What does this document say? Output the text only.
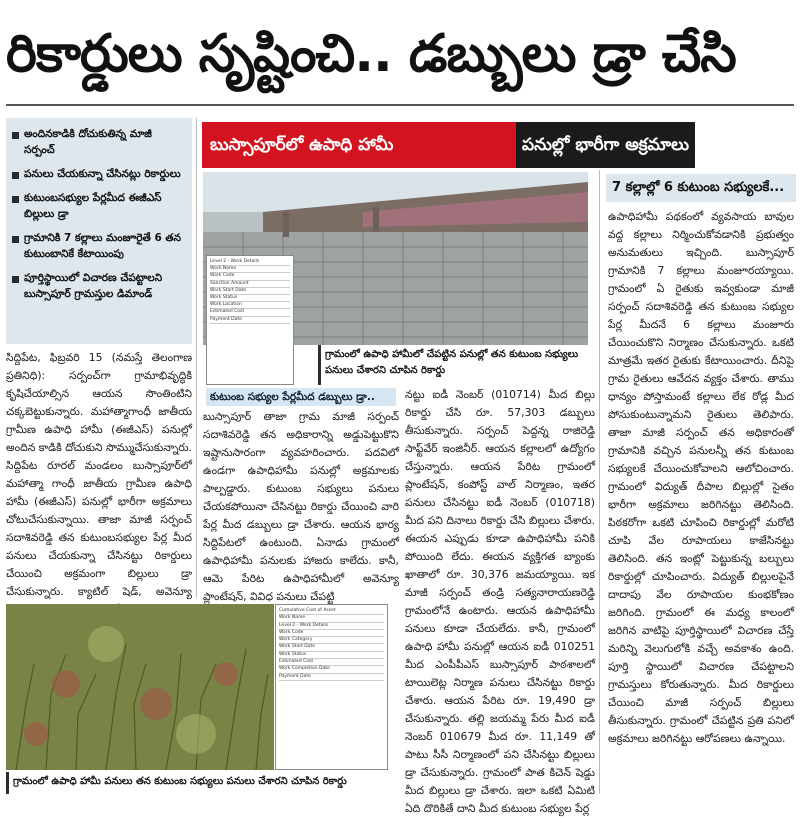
రికార్డులు సృష్టించి.. డబ్బులు డ్రా చేసి
అందినకాడికి దోచుకుతిన్న మాజీ సర్పంచ్
పనులు చేయకున్నా చేసినట్లు రికార్డులు
కుటుంబసభ్యుల పేర్లమీద ఈజీఎస్ బిల్లులు డ్రా
గ్రామానికి 7 కల్లాలు మంజూరైతే 6 తన కుటుంబానికే కేటాయింపు
పూర్తిస్థాయిలో విచారణ చేపట్టాలని బుస్సాపూర్ గ్రామస్తుల డిమాండ్
బుస్సాపూర్‌లో ఉపాధి హామీ	పనుల్లో భారీగా అక్రమాలు
సిద్దిపేట, ఫిబ్రవరి 15 (నమస్తే తెలంగాణ ప్రతినిధి): సర్పంచ్‌గా గ్రామాభివృద్ధికి కృషిచేయాల్సిన ఆయన సొంతింటిని చక్కబెట్టుకున్నారు. మహాత్మాగాంధీ జాతీయ గ్రామీణ ఉపాధి హామీ (ఈజీఎస్) పనుల్లో అందిన కాడికి దోచుకుని సొమ్ముచేసుకున్నారు. సిద్దిపేట రూరల్ మండలం బుస్సాపూర్‌లో మహాత్మా గాంధీ జాతీయ గ్రామీణ ఉపాధి హామీ (ఈజీఎస్) పనుల్లో భారీగా అక్రమాలు చోటుచేసుకున్నాయి. తాజా మాజీ సర్పంచ్ సదాశివరెడ్డి తన కుటుంబసభ్యుల పేర్ల మీద పనులు చేయకున్నా చేసినట్టు రికార్డులు చేయించి అక్రమంగా బిల్లులు డ్రా చేసుకున్నారు. క్యాటిల్ షెడ్, అవెన్యూ
Level 2 - Work Details
Work Name
Work Code
Sanction Amount
Work Start Date
Work Status
Work Location
Estimated Cost
Payment Date
గ్రామంలో ఉపాధి హామీలో చేపట్టిన పనుల్లో తన కుటుంబ సభ్యులు పనులు చేశారని చూపిన రికార్డు
కుటుంబ సభ్యుల పేర్లమీద డబ్బులు డ్రా..
బుస్సాపూర్ తాజా గ్రామ మాజీ సర్పంచ్ సదాశివరెడ్డి తన అధికారాన్ని అడ్డుపెట్టుకొని ఇష్టానుసారంగా వ్యవహరించారు. పదవిలో ఉండగా ఉపాధిహామీ పనుల్లో అక్రమాలకు పాల్పడ్డారు. కుటుంబ సభ్యులు పనులు చేయకపోయినా చేసినట్టు రికార్డు చేయించి వారి పేర్ల మీద డబ్బులు డ్రా చేశారు. ఆయన భార్య సిద్దిపేటలో ఉంటుంది. ఏనాడు గ్రామంలో ఉపాధిహామీ పనులకు హాజరు కాలేదు. కానీ, ఆమె పేరిట ఉపాధిహామీలో అవెన్యూ ప్లాంటేషన్, వివిధ పనులు చేపట్టి
నట్టు ఐడీ నెంబర్ (010714) మీద బిల్లు రికార్డు చేసి రూ. 57,303 డబ్బులు తీసుకున్నారు. సర్పంచ్ పెద్దన్న రాజిరెడ్డి సాఫ్ట్‌వేర్ ఇంజినీర్. ఆయన కల్లాలలో ఉద్యోగం చేస్తున్నారు. ఆయన పేరిట గ్రామంలో ప్లాంటేషన్, కంపోస్ట్ వాల్ నిర్మాణం, ఇతర పనులు చేసినట్టు ఐడీ నెంబర్ (010718) మీద పని దినాలు రికార్డు చేసి బిల్లులు చేశారు. ఈయన ఎప్పుడు కూడా ఉపాధిహామీ పనికి పోయింది లేదు. ఈయన వ్యక్తిగత బ్యాంకు ఖాతాలో రూ. 30,376 జమయ్యాయి. ఇక మాజీ సర్పంచ్ తండ్రి సత్యనారాయణరెడ్డి గ్రామంలోనే ఉంటారు. ఆయన ఉపాధిహామీ పనులు కూడా చేయలేదు. కానీ, గ్రామంలో ఉపాధి హామీ పనుల్లో ఆయన ఐడీ 010251 మీద ఎంపీపీఎస్ బుస్సాపూర్ పాఠశాలలో టాయిలెట్ల నిర్మాణ పనులు చేసినట్టు రికార్డు చేశారు. ఆయన పేరిట రూ. 19,490 డ్రా చేసుకున్నారు. తల్లి జయమ్మ పేరు మీద ఐడీ నెంబర్ 010679 మీద రూ. 11,149 తో పాటు సీసీ నిర్మాణంలో పని చేసినట్టు బిల్లులు డ్రా చేసుకున్నారు. గ్రామంలో పాత కిచెన్ షెడ్డు మీద బిల్లులు డ్రా చేశారు. ఇలా ఒకటి ఏమిటి ఏది దొరికితే దాని మీద కుటుంబ సభ్యుల పేర్ల
7 కల్లాల్లో 6 కుటుంబ సభ్యులకే...
ఉపాధిహామీ పథకంలో వ్యవసాయ బావుల వద్ద కల్లాలు నిర్మించుకోవడానికి ప్రభుత్వం అనుమతులు ఇచ్చింది. బుస్సాపూర్ గ్రామానికి 7 కల్లాలు మంజూరయ్యాయి. గ్రామంలో ఏ రైతుకు ఇవ్వకుండా మాజీ సర్పంచ్ సదాశివరెడ్డి తన కుటుంబ సభ్యుల పేర్ల మీదనే 6 కల్లాలు మంజూరు చేయించుకొని నిర్మాణం చేసుకున్నారు. ఒకటి మాత్రమే ఇతర రైతుకు కేటాయించారు. దీనిపై గ్రామ రైతులు ఆవేదన వ్యక్తం చేశారు. తాము ధాన్యం పోస్తామంటే కల్లాలు లేక రోడ్ల మీద పోసుకుంటున్నామని రైతులు తెలిపారు. తాజా మాజీ సర్పంచ్ తన అధికారంతో గ్రామానికి వచ్చిన పనులన్నీ తన కుటుంబ సభ్యులకే చేయించుకోవాలని ఆలోచించారు. గ్రామంలో విద్యుత్ దీపాల బిల్లుల్లో సైతం భారీగా అక్రమాలు జరిగినట్టు తెలిసింది. పిఠకరోగా ఒకటి చూపించి రికార్డుల్లో మరోటి చూపి వేల రూపాయలు కాజేసినట్టు తెలిసింది. తన ఇంట్లో పెట్టుకున్న బల్బులు రికార్డుల్లో చూపించారు. విద్యుత్ బిల్లులపైనే దాదాపు వేల రూపాయల కుంభకోణం జరిగింది. గ్రామంలో ఈ మధ్య కాలంలో జరిగిన వాటిపై పూర్తిస్థాయిలో విచారణ చేస్తే మరిన్ని వెలుగులోకి వచ్చే అవకాశం ఉంది. పూర్తి స్థాయిలో విచారణ చేపట్టాలని గ్రామస్తులు కోరుతున్నారు. మీద రికార్డులు చేయించి మాజీ సర్పంచ్ బిల్లులు తీసుకున్నారు. గ్రామంలో చేపట్టిన ప్రతి పనిలో అక్రమాలు జరిగినట్టు ఆరోపణలు ఉన్నాయి.
Cumulative Cost of Asset
Work Name
Level 2 - Work Details
Work Code
Work Category
Work Start Date
Work Status
Estimated Cost
Work Completion Date
Payment Date
గ్రామంలో ఉపాధి హామీ పనులు తన కుటుంబ సభ్యులు పనులు చేశారని చూపిన రికార్డు
